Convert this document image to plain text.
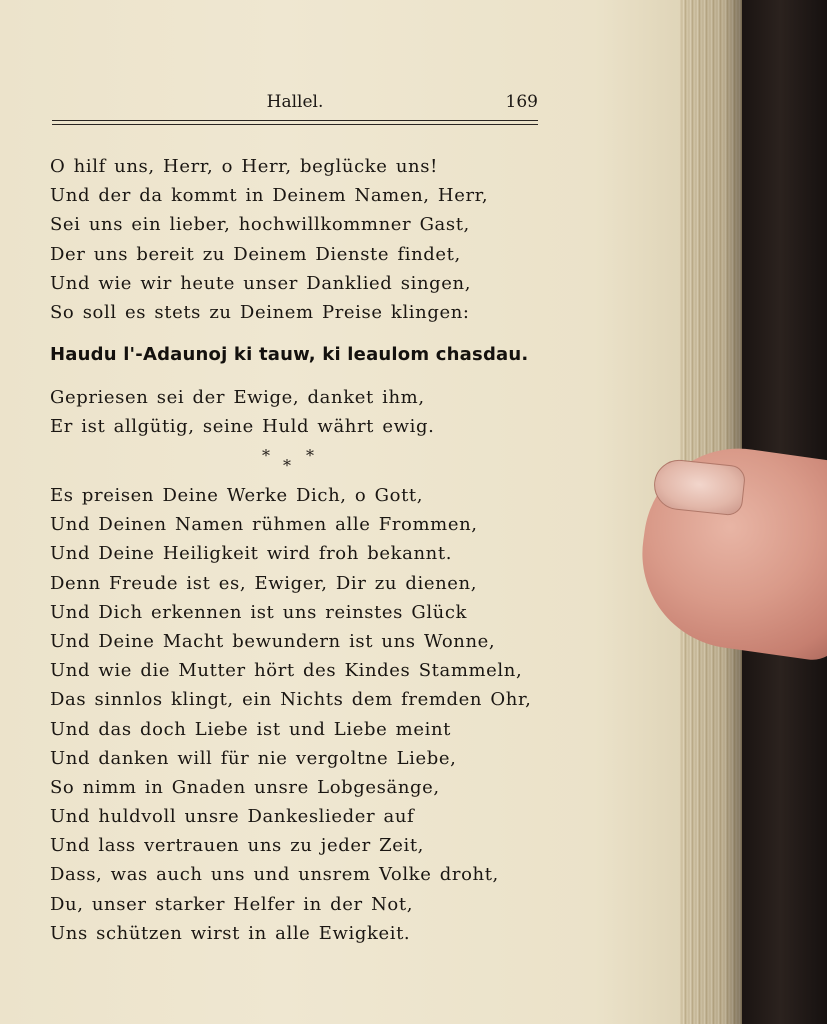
Hallel.	169
O hilf uns, Herr, o Herr, beglücke uns!
Und der da kommt in Deinem Namen, Herr,
Sei uns ein lieber, hochwillkommner Gast,
Der uns bereit zu Deinem Dienste findet,
Und wie wir heute unser Danklied singen,
So soll es stets zu Deinem Preise klingen:
Haudu l'-Adaunoj ki tauw, ki leaulom chasdau.
Gepriesen sei der Ewige, danket ihm,
Er ist allgütig, seine Huld währt ewig.
*
*
*
Es preisen Deine Werke Dich, o Gott,
Und Deinen Namen rühmen alle Frommen,
Und Deine Heiligkeit wird froh bekannt.
Denn Freude ist es, Ewiger, Dir zu dienen,
Und Dich erkennen ist uns reinstes Glück
Und Deine Macht bewundern ist uns Wonne,
Und wie die Mutter hört des Kindes Stammeln,
Das sinnlos klingt, ein Nichts dem fremden Ohr,
Und das doch Liebe ist und Liebe meint
Und danken will für nie vergoltne Liebe,
So nimm in Gnaden unsre Lobgesänge,
Und huldvoll unsre Dankeslieder auf
Und lass vertrauen uns zu jeder Zeit,
Dass, was auch uns und unsrem Volke droht,
Du, unser starker Helfer in der Not,
Uns schützen wirst in alle Ewigkeit.
